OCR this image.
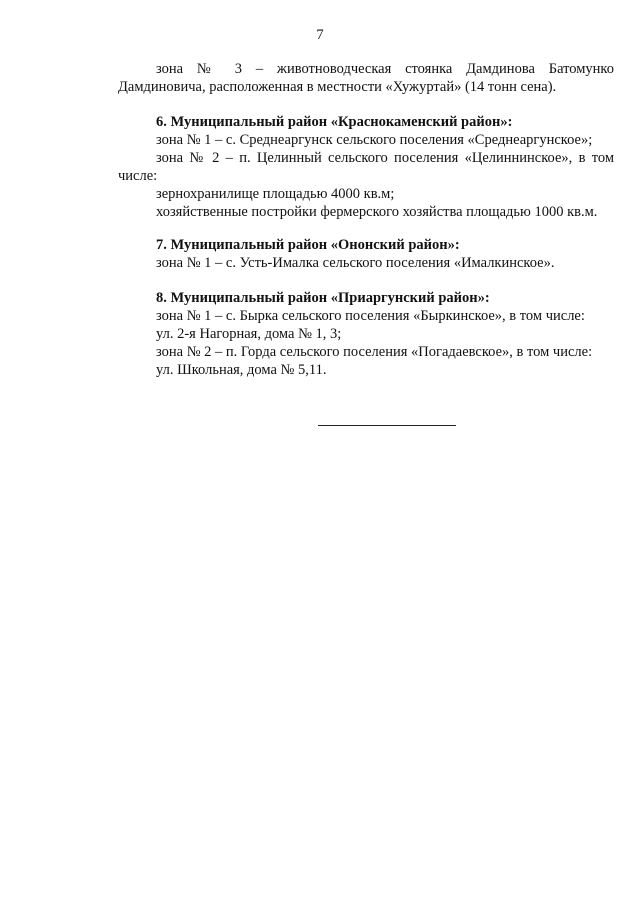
7
зона № 3 – животноводческая стоянка Дамдинова Батомунко
Дамдиновича, расположенная в местности «Хужуртай» (14 тонн сена).
6. Муниципальный район «Краснокаменский район»:
зона № 1 – с. Среднеаргунск сельского поселения «Среднеаргунское»;
зона № 2 – п. Целинный сельского поселения «Целиннинское», в том
числе:
зернохранилище площадью 4000 кв.м;
хозяйственные постройки фермерского хозяйства площадью 1000 кв.м.
7. Муниципальный район «Ононский район»:
зона № 1 – с. Усть-Ималка сельского поселения «Ималкинское».
8. Муниципальный район «Приаргунский район»:
зона № 1 – с. Бырка сельского поселения «Быркинское», в том числе:
ул. 2-я Нагорная, дома № 1, 3;
зона № 2 – п. Горда сельского поселения «Погадаевское», в том числе:
ул. Школьная, дома № 5,11.
